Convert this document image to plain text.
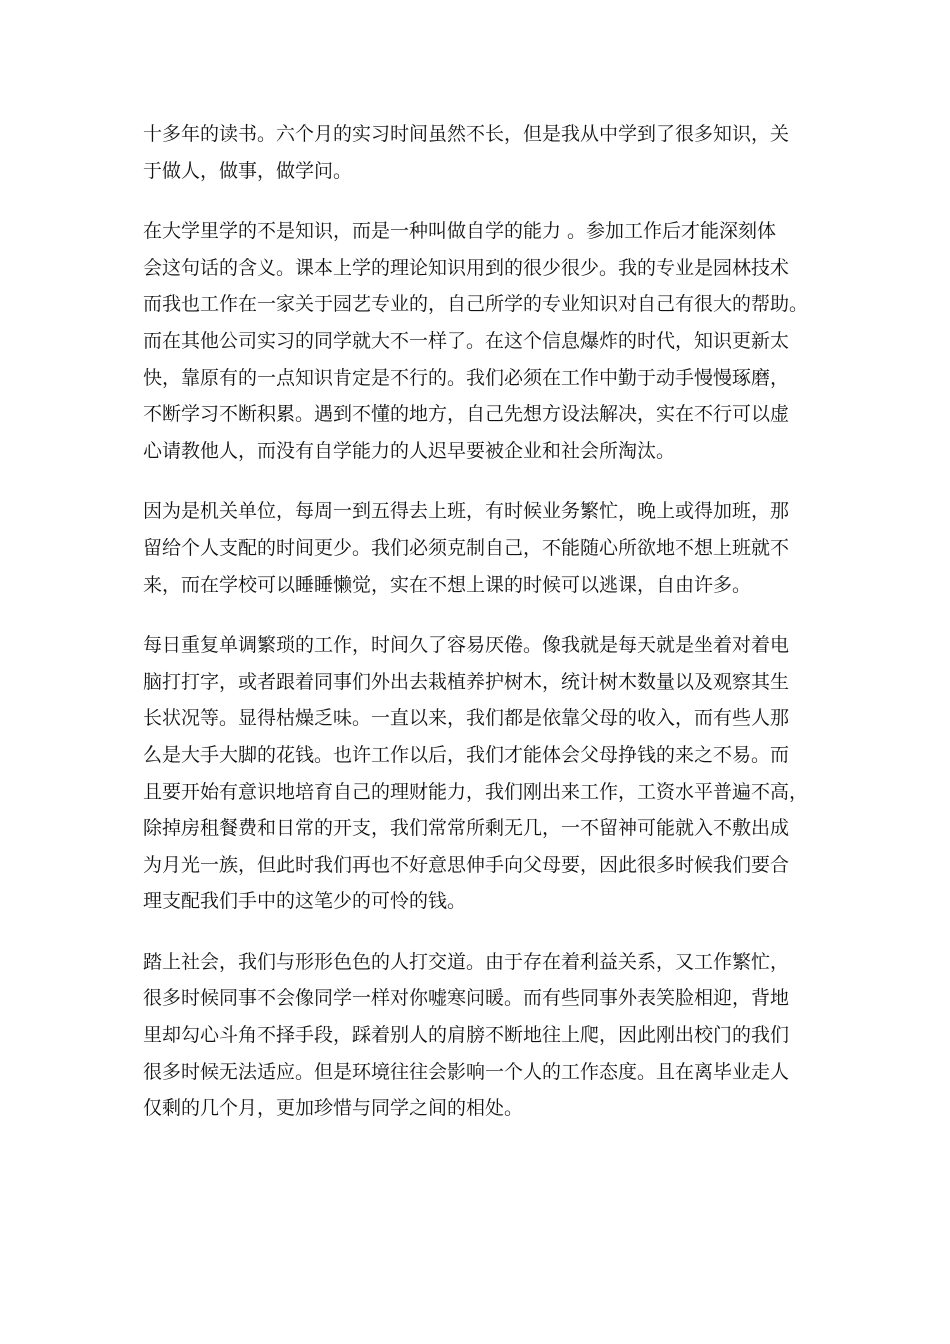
十多年的读书。六个月的实习时间虽然不长，但是我从中学到了很多知识，关
于做人，做事，做学问。
在大学里学的不是知识，而是一种叫做自学的能力 。参加工作后才能深刻体
会这句话的含义。课本上学的理论知识用到的很少很少。我的专业是园林技术
而我也工作在一家关于园艺专业的，自己所学的专业知识对自己有很大的帮助。
而在其他公司实习的同学就大不一样了。在这个信息爆炸的时代，知识更新太
快，靠原有的一点知识肯定是不行的。我们必须在工作中勤于动手慢慢琢磨，
不断学习不断积累。遇到不懂的地方，自己先想方设法解决，实在不行可以虚
心请教他人，而没有自学能力的人迟早要被企业和社会所淘汰。
因为是机关单位，每周一到五得去上班，有时候业务繁忙，晚上或得加班，那
留给个人支配的时间更少。我们必须克制自己，不能随心所欲地不想上班就不
来，而在学校可以睡睡懒觉，实在不想上课的时候可以逃课，自由许多。
每日重复单调繁琐的工作，时间久了容易厌倦。像我就是每天就是坐着对着电
脑打打字，或者跟着同事们外出去栽植养护树木，统计树木数量以及观察其生
长状况等。显得枯燥乏味。一直以来，我们都是依靠父母的收入，而有些人那
么是大手大脚的花钱。也许工作以后，我们才能体会父母挣钱的来之不易。而
且要开始有意识地培育自己的理财能力，我们刚出来工作，工资水平普遍不高，
除掉房租餐费和日常的开支，我们常常所剩无几，一不留神可能就入不敷出成
为月光一族，但此时我们再也不好意思伸手向父母要，因此很多时候我们要合
理支配我们手中的这笔少的可怜的钱。
踏上社会，我们与形形色色的人打交道。由于存在着利益关系，又工作繁忙，
很多时候同事不会像同学一样对你嘘寒问暖。而有些同事外表笑脸相迎，背地
里却勾心斗角不择手段，踩着别人的肩膀不断地往上爬，因此刚出校门的我们
很多时候无法适应。但是环境往往会影响一个人的工作态度。且在离毕业走人
仅剩的几个月，更加珍惜与同学之间的相处。
